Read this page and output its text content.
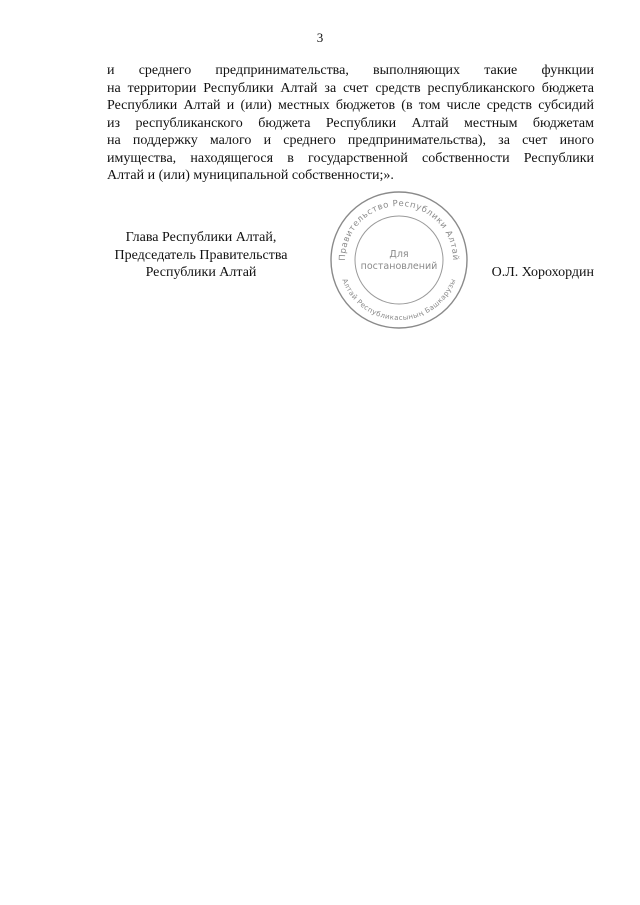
3
и среднего предпринимательства, выполняющих такие функции
на территории Республики Алтай за счет средств республиканского бюджета
Республики Алтай и (или) местных бюджетов (в том числе средств субсидий
из республиканского бюджета Республики Алтай местным бюджетам
на поддержку малого и среднего предпринимательства), за счет иного
имущества, находящегося в государственной собственности Республики
Алтай и (или) муниципальной собственности;».
Глава Республики Алтай,
Председатель Правительства
Республики Алтай
Правительство Республики Алтай
Алтай Республикасының Башкарузы
Для
постановлений	О.Л. Хорохордин
